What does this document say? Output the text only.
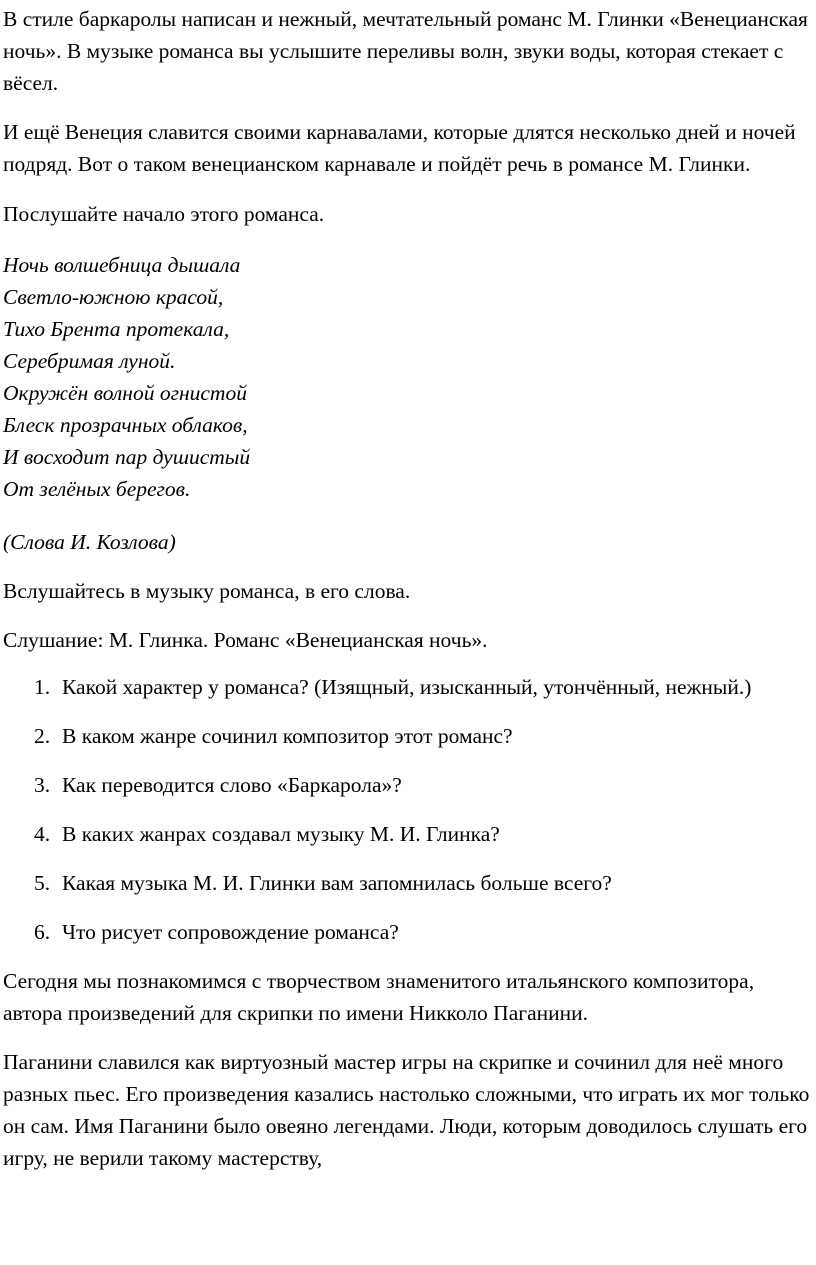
В стиле баркаролы написан и нежный, мечтательный романс М. Глинки «Венецианская ночь». В музыке романса вы услышите переливы волн, звуки воды, которая стекает с вёсел.

И ещё Венеция славится своими карнавалами, которые длятся несколько дней и ночей подряд. Вот о таком венецианском карнавале и пойдёт речь в романсе М. Глинки.

Послушайте начало этого романса.

Ночь волшебница дышала
Светло-южною красой,
Тихо Брента протекала,
Серебримая луной.
Окружён волной огнистой
Блеск прозрачных облаков,
И восходит пар душистый
От зелёных берегов.

(Слова И. Козлова)

Вслушайтесь в музыку романса, в его слова.

Слушание: М. Глинка. Романс «Венецианская ночь».

1. Какой характер у романса? (Изящный, изысканный, утончённый, нежный.)
2. В каком жанре сочинил композитор этот романс?
3. Как переводится слово «Баркарола»?
4. В каких жанрах создавал музыку М. И. Глинка?
5. Какая музыка М. И. Глинки вам запомнилась больше всего?
6. Что рисует сопровождение романса?

Сегодня мы познакомимся с творчеством знаменитого итальянского композитора, автора произведений для скрипки по имени Никколо Паганини.

Паганини славился как виртуозный мастер игры на скрипке и сочинил для неё много разных пьес. Его произведения казались настолько сложными, что играть их мог только он сам. Имя Паганини было овеяно легендами. Люди, которым доводилось слушать его игру, не верили такому мастерству,
